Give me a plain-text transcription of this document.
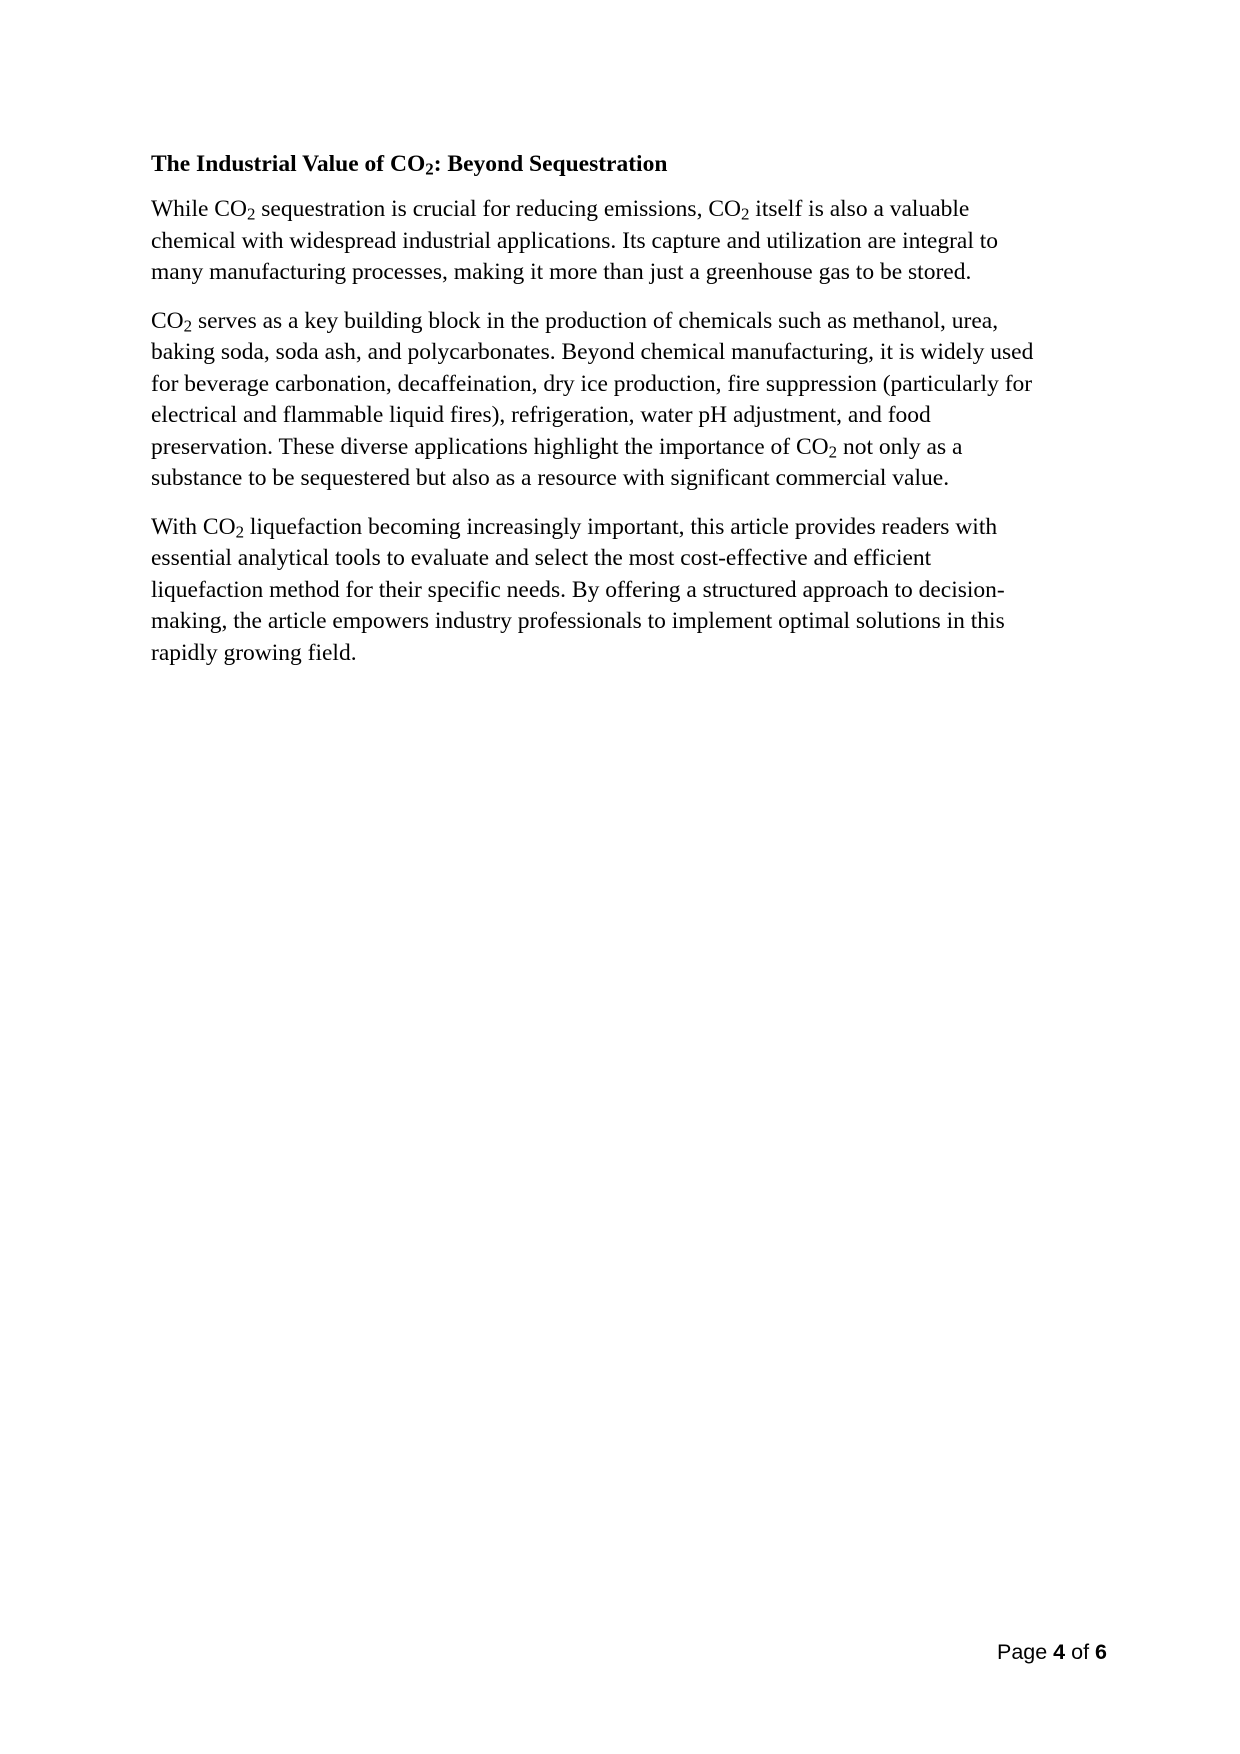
The Industrial Value of $CO_2$: Beyond Sequestration

While $CO_2$ sequestration is crucial for reducing emissions, $CO_2$ itself is also a valuable
chemical with widespread industrial applications. Its capture and utilization are integral to
many manufacturing processes, making it more than just a greenhouse gas to be stored.

$CO_2$ serves as a key building block in the production of chemicals such as methanol, urea,
baking soda, soda ash, and polycarbonates. Beyond chemical manufacturing, it is widely used
for beverage carbonation, decaffeination, dry ice production, fire suppression (particularly for
electrical and flammable liquid fires), refrigeration, water pH adjustment, and food
preservation. These diverse applications highlight the importance of $CO_2$ not only as a
substance to be sequestered but also as a resource with significant commercial value.

With $CO_2$ liquefaction becoming increasingly important, this article provides readers with
essential analytical tools to evaluate and select the most cost-effective and efficient
liquefaction method for their specific needs. By offering a structured approach to decision-
making, the article empowers industry professionals to implement optimal solutions in this
rapidly growing field.

Page 4 of 6
